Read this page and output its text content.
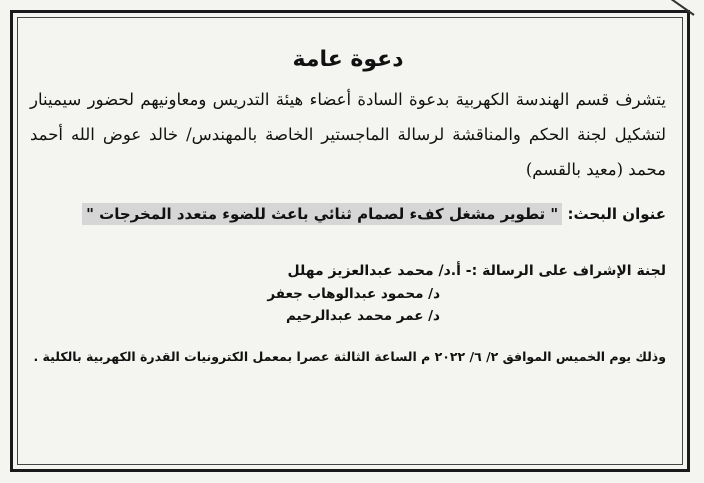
دعوة عامة

يتشرف قسم الهندسة الكهربية بدعوة السادة أعضاء هيئة التدريس ومعاونيهم لحضور سيمينار لتشكيل لجنة الحكم والمناقشة لرسالة الماجستير الخاصة بالمهندس/ خالد عوض الله أحمد محمد (معيد بالقسم)

عنوان البحث: " تطوير مشغل كفء لصمام ثنائي باعث للضوء متعدد المخرجات "
لجنة الإشراف على الرسالة :- أ.د/ محمد عبدالعزيز مهلل
د/ محمود عبدالوهاب جعفر
د/ عمر محمد عبدالرحيم
وذلك يوم الخميس الموافق ٢/ ٦/ ٢٠٢٢ م الساعة الثالثة عصرا بمعمل الكترونيات القدرة الكهربية بالكلية .
